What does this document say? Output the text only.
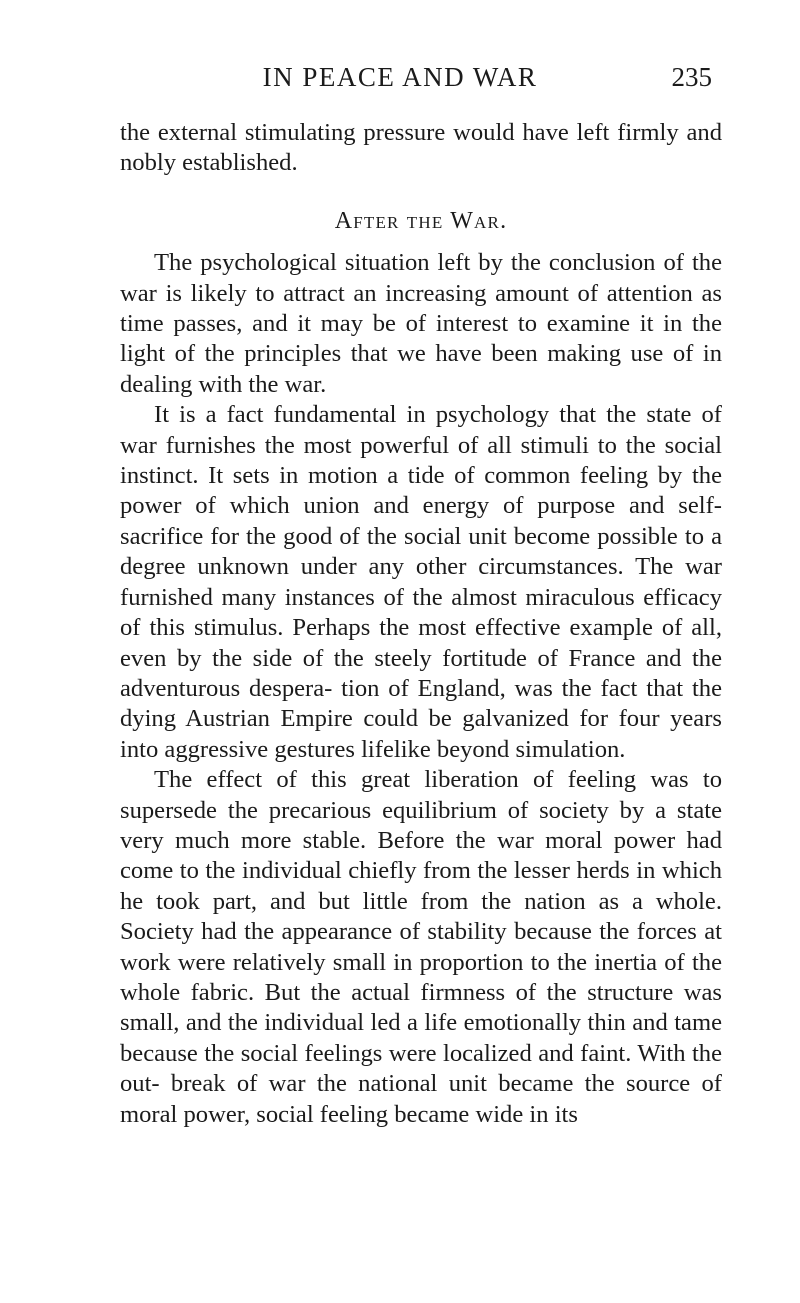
IN PEACE AND WAR	235

the external stimulating pressure would have left firmly and nobly established.

After the War.

The psychological situation left by the conclusion of the war is likely to attract an increasing amount of attention as time passes, and it may be of interest to examine it in the light of the principles that we have been making use of in dealing with the war.

It is a fact fundamental in psychology that the state of war furnishes the most powerful of all stimuli to the social instinct. It sets in motion a tide of common feeling by the power of which union and energy of purpose and self-sacrifice for the good of the social unit become possible to a degree unknown under any other circumstances. The war furnished many instances of the almost miraculous efficacy of this stimulus. Perhaps the most effective example of all, even by the side of the steely fortitude of France and the adventurous despera- tion of England, was the fact that the dying Austrian Empire could be galvanized for four years into aggressive gestures lifelike beyond simulation.

The effect of this great liberation of feeling was to supersede the precarious equilibrium of society by a state very much more stable. Before the war moral power had come to the individual chiefly from the lesser herds in which he took part, and but little from the nation as a whole. Society had the appearance of stability because the forces at work were relatively small in proportion to the inertia of the whole fabric. But the actual firmness of the structure was small, and the individual led a life emotionally thin and tame because the social feelings were localized and faint. With the out- break of war the national unit became the source of moral power, social feeling became wide in its
